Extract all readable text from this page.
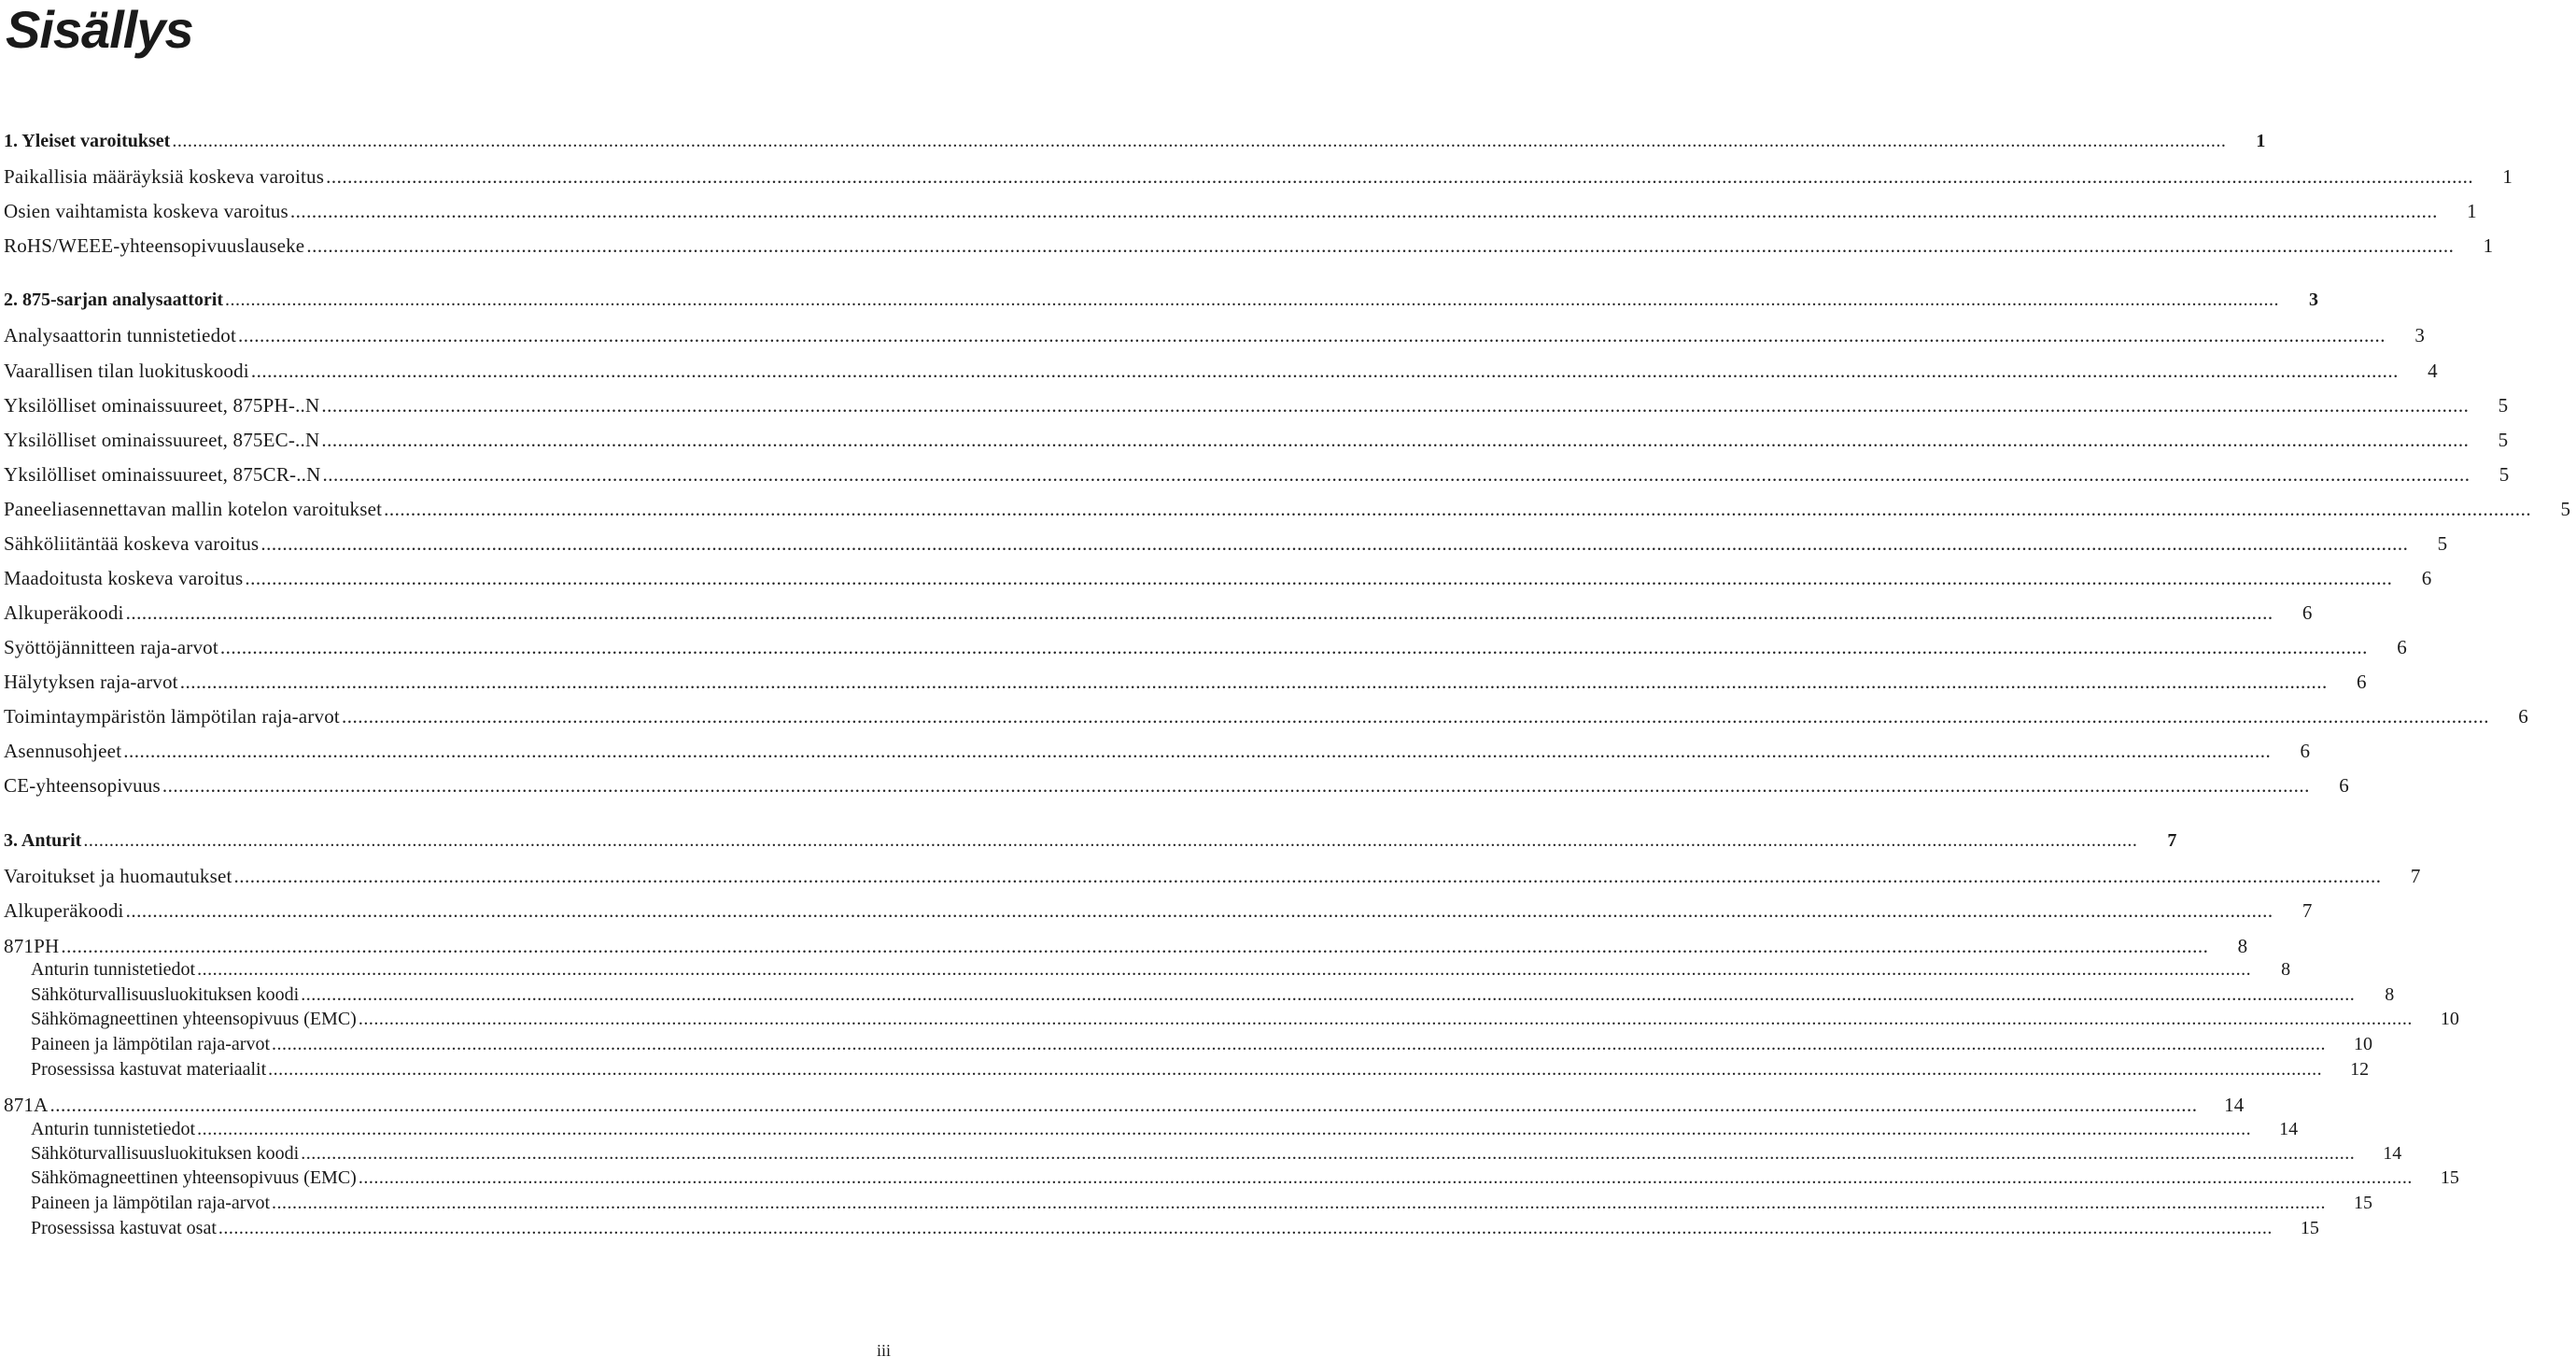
Sisällys
1. Yleiset varoitukset ................................................................................................................................................................................................................................................................................................................................................................................................................	1
Paikallisia määräyksiä koskeva varoitus ................................................................................................................................................................................................................................................................................................................................................................................................................	1
Osien vaihtamista koskeva varoitus ................................................................................................................................................................................................................................................................................................................................................................................................................	1
RoHS/WEEE-yhteensopivuuslauseke ................................................................................................................................................................................................................................................................................................................................................................................................................	1
2. 875-sarjan analysaattorit ................................................................................................................................................................................................................................................................................................................................................................................................................	3
Analysaattorin tunnistetiedot ................................................................................................................................................................................................................................................................................................................................................................................................................	3
Vaarallisen tilan luokituskoodi ................................................................................................................................................................................................................................................................................................................................................................................................................	4
Yksilölliset ominaissuureet, 875PH-..N ................................................................................................................................................................................................................................................................................................................................................................................................................	5
Yksilölliset ominaissuureet, 875EC-..N ................................................................................................................................................................................................................................................................................................................................................................................................................	5
Yksilölliset ominaissuureet, 875CR-..N ................................................................................................................................................................................................................................................................................................................................................................................................................	5
Paneeliasennettavan mallin kotelon varoitukset ................................................................................................................................................................................................................................................................................................................................................................................................................	5
Sähköliitäntää koskeva varoitus ................................................................................................................................................................................................................................................................................................................................................................................................................	5
Maadoitusta koskeva varoitus ................................................................................................................................................................................................................................................................................................................................................................................................................	6
Alkuperäkoodi ................................................................................................................................................................................................................................................................................................................................................................................................................	6
Syöttöjännitteen raja-arvot ................................................................................................................................................................................................................................................................................................................................................................................................................	6
Hälytyksen raja-arvot ................................................................................................................................................................................................................................................................................................................................................................................................................	6
Toimintaympäristön lämpötilan raja-arvot ................................................................................................................................................................................................................................................................................................................................................................................................................	6
Asennusohjeet ................................................................................................................................................................................................................................................................................................................................................................................................................	6
CE-yhteensopivuus ................................................................................................................................................................................................................................................................................................................................................................................................................	6
3. Anturit ................................................................................................................................................................................................................................................................................................................................................................................................................	7
Varoitukset ja huomautukset ................................................................................................................................................................................................................................................................................................................................................................................................................	7
Alkuperäkoodi ................................................................................................................................................................................................................................................................................................................................................................................................................	7
871PH ................................................................................................................................................................................................................................................................................................................................................................................................................	8
Anturin tunnistetiedot ................................................................................................................................................................................................................................................................................................................................................................................................................	8
Sähköturvallisuusluokituksen koodi ................................................................................................................................................................................................................................................................................................................................................................................................................	8
Sähkömagneettinen yhteensopivuus (EMC) ................................................................................................................................................................................................................................................................................................................................................................................................................	10
Paineen ja lämpötilan raja-arvot ................................................................................................................................................................................................................................................................................................................................................................................................................	10
Prosessissa kastuvat materiaalit ................................................................................................................................................................................................................................................................................................................................................................................................................	12
871A ................................................................................................................................................................................................................................................................................................................................................................................................................	14
Anturin tunnistetiedot ................................................................................................................................................................................................................................................................................................................................................................................................................	14
Sähköturvallisuusluokituksen koodi ................................................................................................................................................................................................................................................................................................................................................................................................................	14
Sähkömagneettinen yhteensopivuus (EMC) ................................................................................................................................................................................................................................................................................................................................................................................................................	15
Paineen ja lämpötilan raja-arvot ................................................................................................................................................................................................................................................................................................................................................................................................................	15
Prosessissa kastuvat osat ................................................................................................................................................................................................................................................................................................................................................................................................................	15
iii
